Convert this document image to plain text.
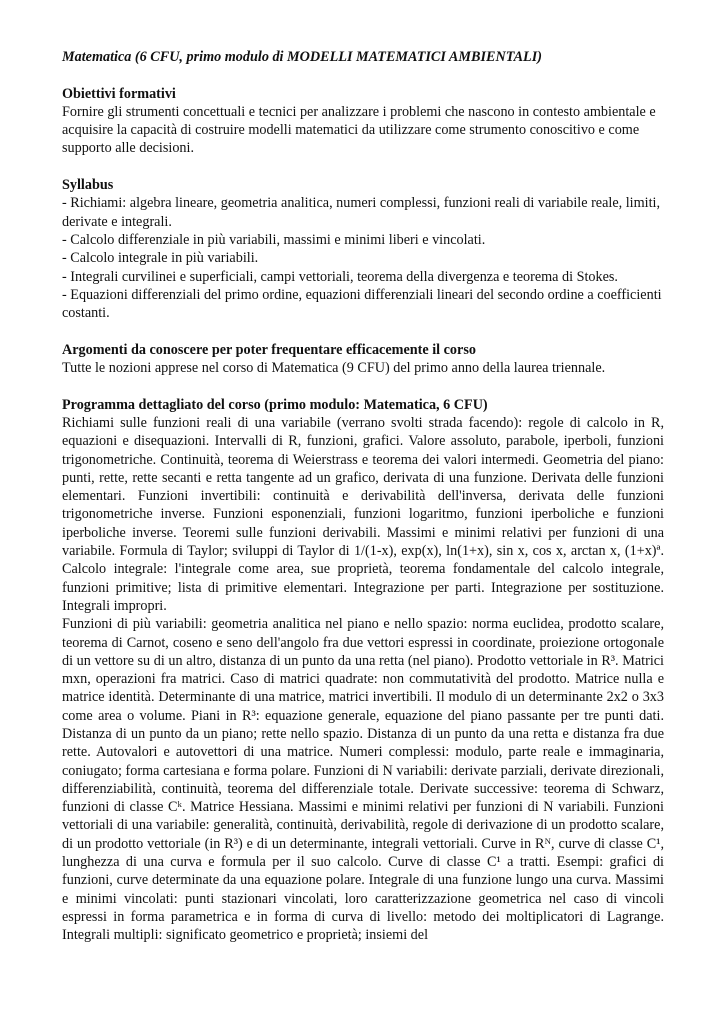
Matematica (6 CFU, primo modulo di MODELLI MATEMATICI AMBIENTALI)

Obiettivi formativi

Fornire gli strumenti concettuali e tecnici per analizzare i problemi che nascono in contesto ambientale e acquisire la capacità di costruire modelli matematici da utilizzare come strumento conoscitivo e come supporto alle decisioni.

Syllabus

- Richiami: algebra lineare, geometria analitica, numeri complessi, funzioni reali di variabile reale, limiti, derivate e integrali.

- Calcolo differenziale in più variabili, massimi e minimi liberi e vincolati.

- Calcolo integrale in più variabili.

- Integrali curvilinei e superficiali, campi vettoriali, teorema della divergenza e teorema di Stokes.

- Equazioni differenziali del primo ordine, equazioni differenziali lineari del secondo ordine a coefficienti costanti.

Argomenti da conoscere per poter frequentare efficacemente il corso

Tutte le nozioni apprese nel corso di Matematica (9 CFU) del primo anno della laurea triennale.

Programma dettagliato del corso (primo modulo: Matematica, 6 CFU)

Richiami sulle funzioni reali di una variabile (verrano svolti strada facendo): regole di calcolo in R, equazioni e disequazioni. Intervalli di R, funzioni, grafici. Valore assoluto, parabole, iperboli, funzioni trigonometriche. Continuità, teorema di Weierstrass e teorema dei valori intermedi. Geometria del piano: punti, rette, rette secanti e retta tangente ad un grafico, derivata di una funzione. Derivata delle funzioni elementari. Funzioni invertibili: continuità e derivabilità dell'inversa, derivata delle funzioni trigonometriche inverse. Funzioni esponenziali, funzioni logaritmo, funzioni iperboliche e funzioni iperboliche inverse. Teoremi sulle funzioni derivabili. Massimi e minimi relativi per funzioni di una variabile. Formula di Taylor; sviluppi di Taylor di 1/(1-x), exp(x), ln(1+x), sin x, cos x, arctan x, (1+x)ª. Calcolo integrale: l'integrale come area, sue proprietà, teorema fondamentale del calcolo integrale, funzioni primitive; lista di primitive elementari. Integrazione per parti. Integrazione per sostituzione. Integrali impropri.

Funzioni di più variabili: geometria analitica nel piano e nello spazio: norma euclidea, prodotto scalare, teorema di Carnot, coseno e seno dell'angolo fra due vettori espressi in coordinate, proiezione ortogonale di un vettore su di un altro, distanza di un punto da una retta (nel piano). Prodotto vettoriale in R³. Matrici mxn, operazioni fra matrici. Caso di matrici quadrate: non commutatività del prodotto. Matrice nulla e matrice identità. Determinante di una matrice, matrici invertibili. Il modulo di un determinante 2x2 o 3x3 come area o volume. Piani in R³: equazione generale, equazione del piano passante per tre punti dati. Distanza di un punto da un piano; rette nello spazio. Distanza di un punto da una retta e distanza fra due rette. Autovalori e autovettori di una matrice. Numeri complessi: modulo, parte reale e immaginaria, coniugato; forma cartesiana e forma polare. Funzioni di N variabili: derivate parziali, derivate direzionali, differenziabilità, continuità, teorema del differenziale totale. Derivate successive: teorema di Schwarz, funzioni di classe Cᵏ. Matrice Hessiana. Massimi e minimi relativi per funzioni di N variabili. Funzioni vettoriali di una variabile: generalità, continuità, derivabilità, regole di derivazione di un prodotto scalare, di un prodotto vettoriale (in R³) e di un determinante, integrali vettoriali. Curve in Rᴺ, curve di classe C¹, lunghezza di una curva e formula per il suo calcolo. Curve di classe C¹ a tratti. Esempi: grafici di funzioni, curve determinate da una equazione polare. Integrale di una funzione lungo una curva. Massimi e minimi vincolati: punti stazionari vincolati, loro caratterizzazione geometrica nel caso di vincoli espressi in forma parametrica e in forma di curva di livello: metodo dei moltiplicatori di Lagrange. Integrali multipli: significato geometrico e proprietà; insiemi del
